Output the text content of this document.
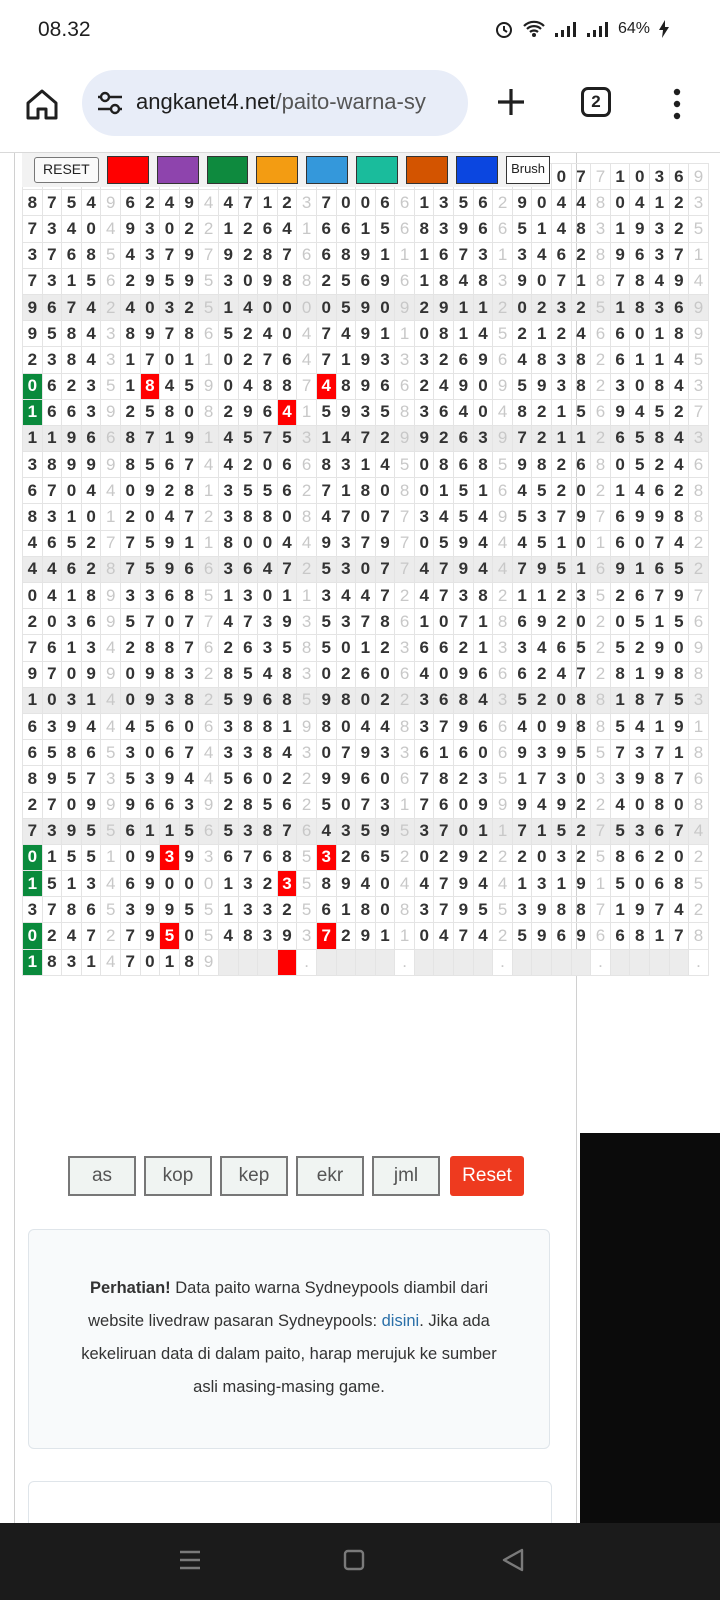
08.32	64%
angkanet4.net/paito-warna-sy	2
																											0	7	7	1	0	3	6	9
8	7	5	4	9	6	2	4	9	4	4	7	1	2	3	7	0	0	6	6	1	3	5	6	2	9	0	4	4	8	0	4	1	2	3
7	3	4	0	4	9	3	0	2	2	1	2	6	4	1	6	6	1	5	6	8	3	9	6	6	5	1	4	8	3	1	9	3	2	5
3	7	6	8	5	4	3	7	9	7	9	2	8	7	6	6	8	9	1	1	1	6	7	3	1	3	4	6	2	8	9	6	3	7	1
7	3	1	5	6	2	9	5	9	5	3	0	9	8	8	2	5	6	9	6	1	8	4	8	3	9	0	7	1	8	7	8	4	9	4
9	6	7	4	2	4	0	3	2	5	1	4	0	0	0	0	5	9	0	9	2	9	1	1	2	0	2	3	2	5	1	8	3	6	9
9	5	8	4	3	8	9	7	8	6	5	2	4	0	4	7	4	9	1	1	0	8	1	4	5	2	1	2	4	6	6	0	1	8	9
2	3	8	4	3	1	7	0	1	1	0	2	7	6	4	7	1	9	3	3	3	2	6	9	6	4	8	3	8	2	6	1	1	4	5
0	6	2	3	5	1	8	4	5	9	0	4	8	8	7	4	8	9	6	6	2	4	9	0	9	5	9	3	8	2	3	0	8	4	3
1	6	6	3	9	2	5	8	0	8	2	9	6	4	1	5	9	3	5	8	3	6	4	0	4	8	2	1	5	6	9	4	5	2	7
1	1	9	6	6	8	7	1	9	1	4	5	7	5	3	1	4	7	2	9	9	2	6	3	9	7	2	1	1	2	6	5	8	4	3
3	8	9	9	9	8	5	6	7	4	4	2	0	6	6	8	3	1	4	5	0	8	6	8	5	9	8	2	6	8	0	5	2	4	6
6	7	0	4	4	0	9	2	8	1	3	5	5	6	2	7	1	8	0	8	0	1	5	1	6	4	5	2	0	2	1	4	6	2	8
8	3	1	0	1	2	0	4	7	2	3	8	8	0	8	4	7	0	7	7	3	4	5	4	9	5	3	7	9	7	6	9	9	8	8
4	6	5	2	7	7	5	9	1	1	8	0	0	4	4	9	3	7	9	7	0	5	9	4	4	4	5	1	0	1	6	0	7	4	2
4	4	6	2	8	7	5	9	6	6	3	6	4	7	2	5	3	0	7	7	4	7	9	4	4	7	9	5	1	6	9	1	6	5	2
0	4	1	8	9	3	3	6	8	5	1	3	0	1	1	3	4	4	7	2	4	7	3	8	2	1	1	2	3	5	2	6	7	9	7
2	0	3	6	9	5	7	0	7	7	4	7	3	9	3	5	3	7	8	6	1	0	7	1	8	6	9	2	0	2	0	5	1	5	6
7	6	1	3	4	2	8	8	7	6	2	6	3	5	8	5	0	1	2	3	6	6	2	1	3	3	4	6	5	2	5	2	9	0	9
9	7	0	9	9	0	9	8	3	2	8	5	4	8	3	0	2	6	0	6	4	0	9	6	6	6	2	4	7	2	8	1	9	8	8
1	0	3	1	4	0	9	3	8	2	5	9	6	8	5	9	8	0	2	2	3	6	8	4	3	5	2	0	8	8	1	8	7	5	3
6	3	9	4	4	4	5	6	0	6	3	8	8	1	9	8	0	4	4	8	3	7	9	6	6	4	0	9	8	8	5	4	1	9	1
6	5	8	6	5	3	0	6	7	4	3	3	8	4	3	0	7	9	3	3	6	1	6	0	6	9	3	9	5	5	7	3	7	1	8
8	9	5	7	3	5	3	9	4	4	5	6	0	2	2	9	9	6	0	6	7	8	2	3	5	1	7	3	0	3	3	9	8	7	6
2	7	0	9	9	9	6	6	3	9	2	8	5	6	2	5	0	7	3	1	7	6	0	9	9	9	4	9	2	2	4	0	8	0	8
7	3	9	5	5	6	1	1	5	6	5	3	8	7	6	4	3	5	9	5	3	7	0	1	1	7	1	5	2	7	5	3	6	7	4
0	1	5	5	1	0	9	3	9	3	6	7	6	8	5	3	2	6	5	2	0	2	9	2	2	2	0	3	2	5	8	6	2	0	2
1	5	1	3	4	6	9	0	0	0	1	3	2	3	5	8	9	4	0	4	4	7	9	4	4	1	3	1	9	1	5	0	6	8	5
3	7	8	6	5	3	9	9	5	5	1	3	3	2	5	6	1	8	0	8	3	7	9	5	5	3	9	8	8	7	1	9	7	4	2
0	2	4	7	2	7	9	5	0	5	4	8	3	9	3	7	2	9	1	1	0	4	7	4	2	5	9	6	9	6	6	8	1	7	8
1	8	3	1	4	7	0	1	8	9					.					.					.					.					.
RESET	Brush
as	kop	kep	ekr	jml	Reset
Perhatian! Data paito warna Sydneypools diambil dari website livedraw pasaran Sydneypools: disini. Jika ada kekeliruan data di dalam paito, harap merujuk ke sumber asli masing-masing game.
